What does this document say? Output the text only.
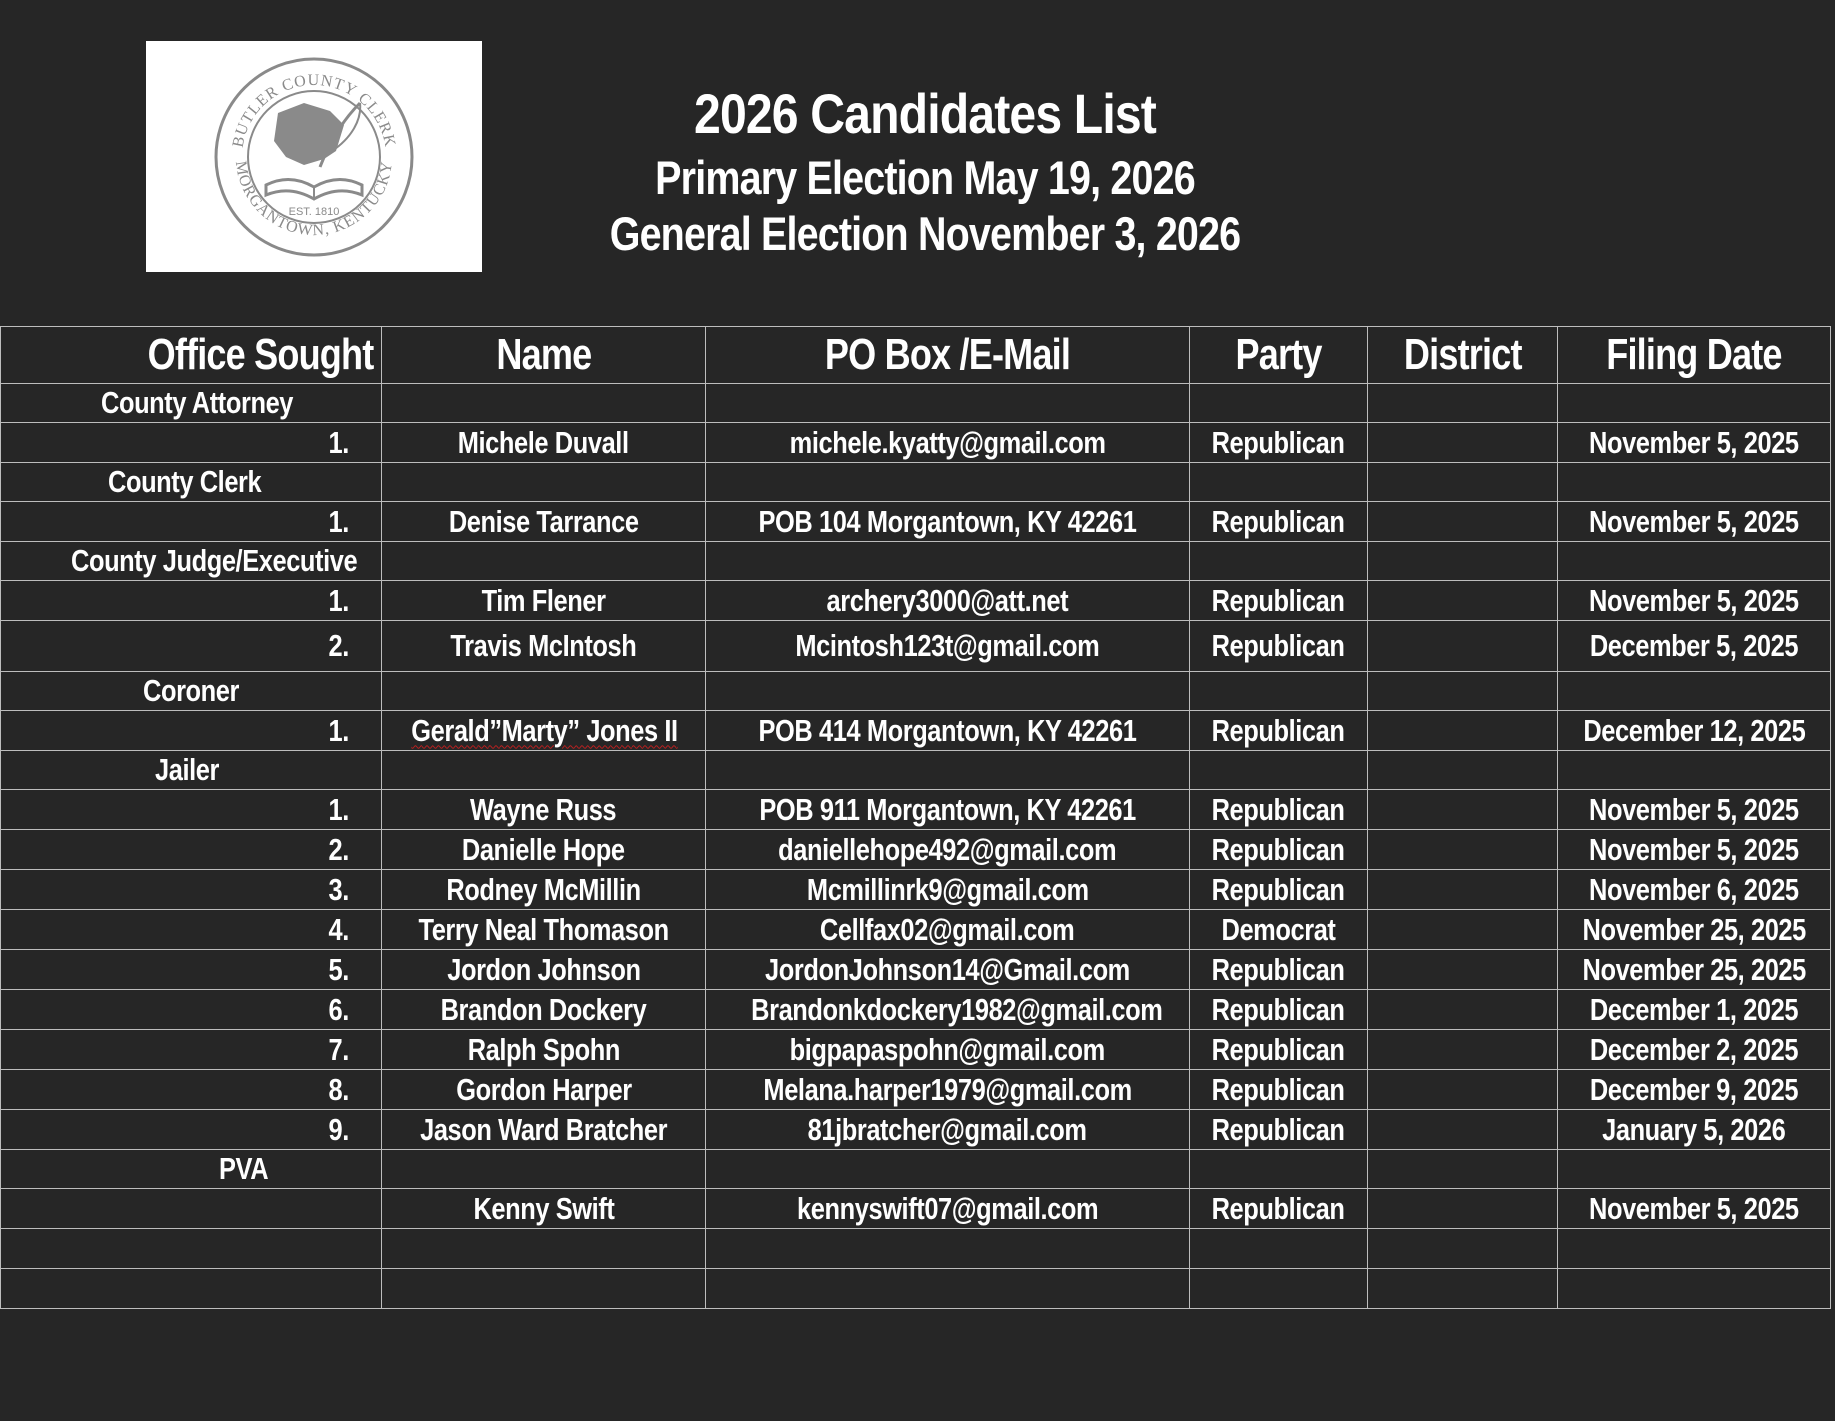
BUTLER COUNTY CLERK
MORGANTOWN, KENTUCKY
EST. 1810
2026 Candidates List
Primary Election May 19, 2026
General Election November 3, 2026
Office Sought	Name	PO Box /E-Mail	Party	District	Filing Date
County Attorney					
1.	Michele Duvall	michele.kyatty@gmail.com	Republican		November 5, 2025
County Clerk					
1.	Denise Tarrance	POB 104 Morgantown, KY 42261	Republican		November 5, 2025
County Judge/Executive					
1.	Tim Flener	archery3000@att.net	Republican		November 5, 2025
2.	Travis McIntosh	Mcintosh123t@gmail.com	Republican		December 5, 2025
Coroner					
1.	Gerald”Marty” Jones II	POB 414 Morgantown, KY 42261	Republican		December 12, 2025
Jailer					
1.	Wayne Russ	POB 911 Morgantown, KY 42261	Republican		November 5, 2025
2.	Danielle Hope	daniellehope492@gmail.com	Republican		November 5, 2025
3.	Rodney McMillin	Mcmillinrk9@gmail.com	Republican		November 6, 2025
4.	Terry Neal Thomason	Cellfax02@gmail.com	Democrat		November 25, 2025
5.	Jordon Johnson	JordonJohnson14@Gmail.com	Republican		November 25, 2025
6.	Brandon Dockery	Brandonkdockery1982@gmail.com	Republican		December 1, 2025
7.	Ralph Spohn	bigpapaspohn@gmail.com	Republican		December 2, 2025
8.	Gordon Harper	Melana.harper1979@gmail.com	Republican		December 9, 2025
9.	Jason Ward Bratcher	81jbratcher@gmail.com	Republican		January 5, 2026
PVA					
	Kenny Swift	kennyswift07@gmail.com	Republican		November 5, 2025
